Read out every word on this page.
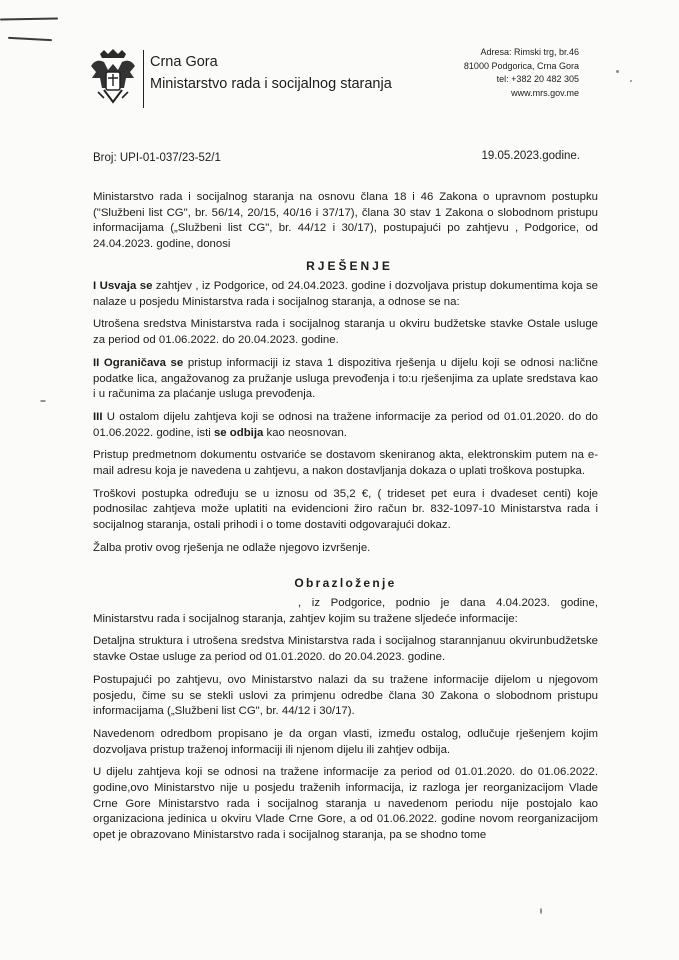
Crna Gora
Ministarstvo rada i socijalnog staranja
Adresa: Rimski trg, br.46
81000 Podgorica, Crna Gora
tel: +382 20 482 305
www.mrs.gov.me
Broj: UPI-01-037/23-52/1	19.05.2023.godine.

Ministarstvo rada i socijalnog staranja na osnovu člana 18 i 46 Zakona o upravnom postupku ("Službeni list CG", br. 56/14, 20/15, 40/16 i 37/17), člana 30 stav 1 Zakona o slobodnom pristupu informacijama („Službeni list CG", br. 44/12 i 30/17), postupajući po zahtjevu , Podgorice, od 24.04.2023. godine, donosi

RJEŠENJE

I Usvaja se zahtjev , iz Podgorice, od 24.04.2023. godine i dozvoljava pristup dokumentima koja se nalaze u posjedu Ministarstva rada i socijalnog staranja, a odnose se na:

Utrošena sredstva Ministarstva rada i socijalnog staranja u okviru budžetske stavke Ostale usluge za period od 01.06.2022. do 20.04.2023. godine.

II Ograničava se pristup informaciji iz stava 1 dispozitiva rješenja u dijelu koji se odnosi na:lične podatke lica, angažovanog za pružanje usluga prevođenja i to:u rješenjima za uplate sredstava kao i u računima za plaćanje usluga prevođenja.

III U ostalom dijelu zahtjeva koji se odnosi na tražene informacije za period od 01.01.2020. do do 01.06.2022. godine, isti se odbija kao neosnovan.

Pristup predmetnom dokumentu ostvariće se dostavom skeniranog akta, elektronskim putem na e-mail adresu koja je navedena u zahtjevu, a nakon dostavljanja dokaza o uplati troškova postupka.

Troškovi postupka određuju se u iznosu od 35,2 €, ( trideset pet eura i dvadeset centi) koje podnosilac zahtjeva može uplatiti na evidencioni žiro račun br. 832-1097-10 Ministarstva rada i socijalnog staranja, ostali prihodi i o tome dostaviti odgovarajući dokaz.

Žalba protiv ovog rješenja ne odlaže njegovo izvršenje.

Obrazloženje

, iz Podgorice, podnio je dana 4.04.2023. godine, Ministarstvu rada i socijalnog staranja, zahtjev kojim su tražene sljedeće informacije:

Detaljna struktura i utrošena sredstva Ministarstva rada i socijalnog starannjanuu okvirunbudžetske stavke Ostae usluge za period od 01.01.2020. do 20.04.2023. godine.

Postupajući po zahtjevu, ovo Ministarstvo nalazi da su tražene informacije dijelom u njegovom posjedu, čime su se stekli uslovi za primjenu odredbe člana 30 Zakona o slobodnom pristupu informacijama („Službeni list CG", br. 44/12 i 30/17).

Navedenom odredbom propisano je da organ vlasti, između ostalog, odlučuje rješenjem kojim dozvoljava pristup traženoj informaciji ili njenom dijelu ili zahtjev odbija.

U dijelu zahtjeva koji se odnosi na tražene informacije za period od 01.01.2020. do 01.06.2022. godine,ovo Ministarstvo nije u posjedu traženih informacija, iz razloga jer reorganizacijom Vlade Crne Gore Ministarstvo rada i socijalnog staranja u navedenom periodu nije postojalo kao organizaciona jedinica u okviru Vlade Crne Gore, a od 01.06.2022. godine novom reorganizacijom opet je obrazovano Ministarstvo rada i socijalnog staranja, pa se shodno tome
